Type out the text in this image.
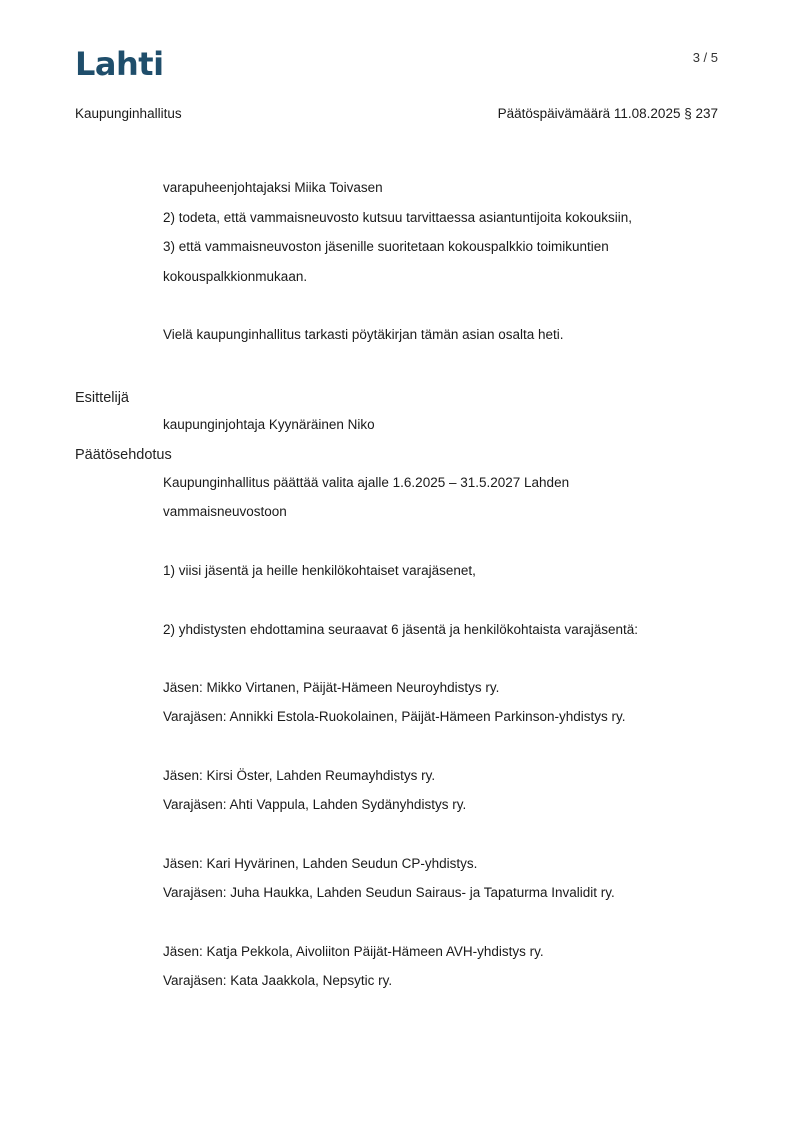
Lahti	3 / 5
Kaupunginhallitus	Päätöspäivämäärä 11.08.2025 § 237
varapuheenjohtajaksi Miika Toivasen
2) todeta, että vammaisneuvosto kutsuu tarvittaessa asiantuntijoita kokouksiin,
3) että vammaisneuvoston jäsenille suoritetaan kokouspalkkio toimikuntien
kokouspalkkionmukaan.
Vielä kaupunginhallitus tarkasti pöytäkirjan tämän asian osalta heti.
Esittelijä
kaupunginjohtaja Kyynäräinen Niko
Päätösehdotus
Kaupunginhallitus päättää valita ajalle 1.6.2025 – 31.5.2027 Lahden
vammaisneuvostoon
1) viisi jäsentä ja heille henkilökohtaiset varajäsenet,
2) yhdistysten ehdottamina seuraavat 6 jäsentä ja henkilökohtaista varajäsentä:
Jäsen: Mikko Virtanen, Päijät-Hämeen Neuroyhdistys ry.
Varajäsen: Annikki Estola-Ruokolainen, Päijät-Hämeen Parkinson-yhdistys ry.
Jäsen: Kirsi Öster, Lahden Reumayhdistys ry.
Varajäsen: Ahti Vappula, Lahden Sydänyhdistys ry.
Jäsen: Kari Hyvärinen, Lahden Seudun CP-yhdistys.
Varajäsen: Juha Haukka, Lahden Seudun Sairaus- ja Tapaturma Invalidit ry.
Jäsen: Katja Pekkola, Aivoliiton Päijät-Hämeen AVH-yhdistys ry.
Varajäsen: Kata Jaakkola, Nepsytic ry.
